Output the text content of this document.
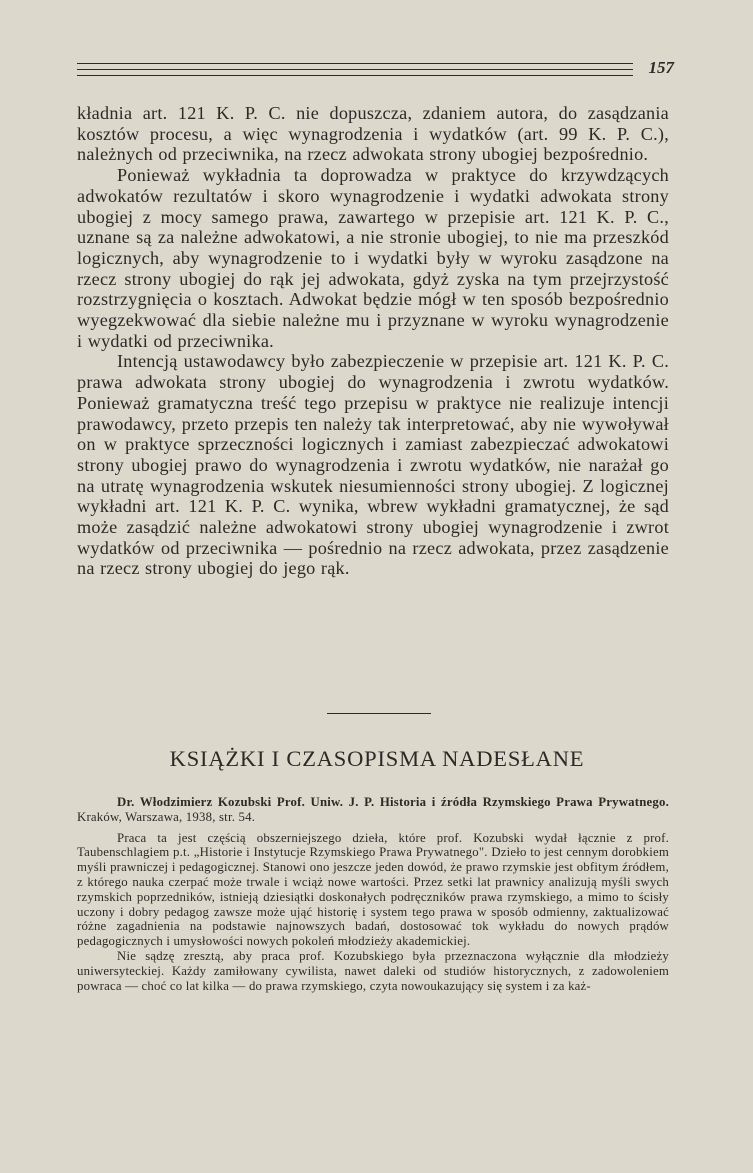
157

kładnia art. 121 K. P. C. nie dopuszcza, zdaniem autora, do zasądzania kosztów procesu, a więc wynagrodzenia i wydatków (art. 99 K. P. C.), należnych od przeciwnika, na rzecz adwokata strony ubogiej bezpośrednio.

Ponieważ wykładnia ta doprowadza w praktyce do krzywdzących adwokatów rezultatów i skoro wynagrodzenie i wydatki adwokata strony ubogiej z mocy samego prawa, zawartego w przepisie art. 121 K. P. C., uznane są za należne adwokatowi, a nie stronie ubogiej, to nie ma przeszkód logicznych, aby wynagrodzenie to i wydatki były w wyroku zasądzone na rzecz strony ubogiej do rąk jej adwokata, gdyż zyska na tym przejrzystość rozstrzygnięcia o kosztach. Adwokat będzie mógł w ten sposób bezpośrednio wyegzekwować dla siebie należne mu i przyznane w wyroku wynagrodzenie i wydatki od przeciwnika.

Intencją ustawodawcy było zabezpieczenie w przepisie art. 121 K. P. C. prawa adwokata strony ubogiej do wynagrodzenia i zwrotu wydatków. Ponieważ gramatyczna treść tego przepisu w praktyce nie realizuje intencji prawodawcy, przeto przepis ten należy tak interpretować, aby nie wywoływał on w praktyce sprzeczności logicznych i zamiast zabezpieczać adwokatowi strony ubogiej prawo do wynagrodzenia i zwrotu wydatków, nie narażał go na utratę wynagrodzenia wskutek niesumienności strony ubogiej. Z logicznej wykładni art. 121 K. P. C. wynika, wbrew wykładni gramatycznej, że sąd może zasądzić należne adwokatowi strony ubogiej wynagrodzenie i zwrot wydatków od przeciwnika — pośrednio na rzecz adwokata, przez zasądzenie na rzecz strony ubogiej do jego rąk.

KSIĄŻKI I CZASOPISMA NADESŁANE

Dr. Włodzimierz Kozubski Prof. Uniw. J. P. Historia i źródła Rzymskiego Prawa Prywatnego. Kraków, Warszawa, 1938, str. 54.

Praca ta jest częścią obszerniejszego dzieła, które prof. Kozubski wydał łącznie z prof. Taubenschlagiem p.t. „Historie i Instytucje Rzymskiego Prawa Prywatnego". Dzieło to jest cennym dorobkiem myśli prawniczej i pedagogicznej. Stanowi ono jeszcze jeden dowód, że prawo rzymskie jest obfitym źródłem, z którego nauka czerpać może trwale i wciąż nowe wartości. Przez setki lat prawnicy analizują myśli swych rzymskich poprzedników, istnieją dziesiątki doskonałych podręczników prawa rzymskiego, a mimo to ścisły uczony i dobry pedagog zawsze może ująć historię i system tego prawa w sposób odmienny, zaktualizować różne zagadnienia na podstawie najnowszych badań, dostosować tok wykładu do nowych prądów pedagogicznych i umysłowości nowych pokoleń młodzieży akademickiej.

Nie sądzę zresztą, aby praca prof. Kozubskiego była przeznaczona wyłącznie dla młodzieży uniwersyteckiej. Każdy zamiłowany cywilista, nawet daleki od studiów historycznych, z zadowoleniem powraca — choć co lat kilka — do prawa rzymskiego, czyta nowoukazujący się system i za każ-
